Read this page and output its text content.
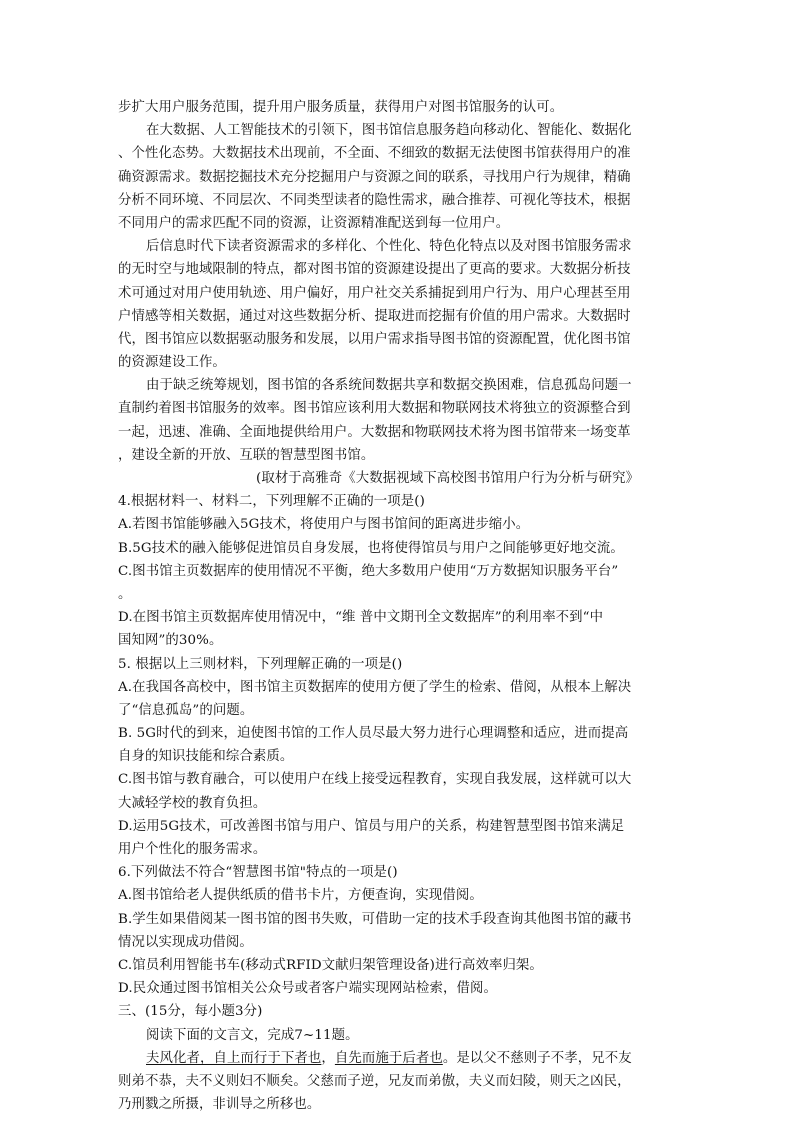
步扩大用户服务范围，提升用户服务质量，获得用户对图书馆服务的认可。
在大数据、人工智能技术的引领下，图书馆信息服务趋向移动化、智能化、数据化
、个性化态势。大数据技术出现前，不全面、不细致的数据无法使图书馆获得用户的准
确资源需求。数据挖掘技术充分挖掘用户与资源之间的联系，寻找用户行为规律，精确
分析不同环境、不同层次、不同类型读者的隐性需求，融合推荐、可视化等技术，根据
不同用户的需求匹配不同的资源，让资源精准配送到每一位用户。
后信息时代下读者资源需求的多样化、个性化、特色化特点以及对图书馆服务需求
的无时空与地域限制的特点，都对图书馆的资源建设提出了更高的要求。大数据分析技
术可通过对用户使用轨迹、用户偏好，用户社交关系捕捉到用户行为、用户心理甚至用
户情感等相关数据，通过对这些数据分析、提取进而挖掘有价值的用户需求。大数据时
代，图书馆应以数据驱动服务和发展，以用户需求指导图书馆的资源配置，优化图书馆
的资源建设工作。
由于缺乏统筹规划，图书馆的各系统间数据共享和数据交换困难，信息孤岛问题一
直制约着图书馆服务的效率。图书馆应该利用大数据和物联网技术将独立的资源整合到
一起，迅速、准确、全面地提供给用户。大数据和物联网技术将为图书馆带来一场变革
，建设全新的开放、互联的智慧型图书馆。
(取材于高雅奇《大数据视域下高校图书馆用户行为分析与研究》
4.根据材料一、材料二，下列理解不正确的一项是()
A.若图书馆能够融入5G技术，将使用户与图书馆间的距离进步缩小。
B.5G技术的融入能够促进馆员自身发展，也将使得馆员与用户之间能够更好地交流。
C.图书馆主页数据库的使用情况不平衡，绝大多数用户使用“万方数据知识服务平台”
。
D.在图书馆主页数据库使用情况中，“维 普中文期刊全文数据库”的利用率不到“中
国知网”的30%。
5. 根据以上三则材料，下列理解正确的一项是()
A.在我国各高校中，图书馆主页数据库的使用方便了学生的检索、借阅，从根本上解决
了“信息孤岛”的问题。
B. 5G时代的到来，迫使图书馆的工作人员尽最大努力进行心理调整和适应，进而提高
自身的知识技能和综合素质。
C.图书馆与教育融合，可以使用户在线上接受远程教育，实现自我发展，这样就可以大
大减轻学校的教育负担。
D.运用5G技术，可改善图书馆与用户、馆员与用户的关系，构建智慧型图书馆来满足
用户个性化的服务需求。
6.下列做法不符合“智慧图书馆"特点的一项是()
A.图书馆给老人提供纸质的借书卡片，方便查询，实现借阅。
B.学生如果借阅某一图书馆的图书失败，可借助一定的技术手段查询其他图书馆的藏书
情况以实现成功借阅。
C.馆员利用智能书车(移动式RFID文献归架管理设备)进行高效率归架。
D.民众通过图书馆相关公众号或者客户端实现网站检索，借阅。
三、(15分，每小题3分)
阅读下面的文言文，完成7~11题。
夫风化者，自上而行于下者也，自先而施于后者也。是以父不慈则子不孝，兄不友
则弟不恭，夫不义则妇不顺矣。父慈而子逆，兄友而弟傲，夫义而妇陵，则天之凶民，
乃刑戮之所摄，非训导之所移也。
